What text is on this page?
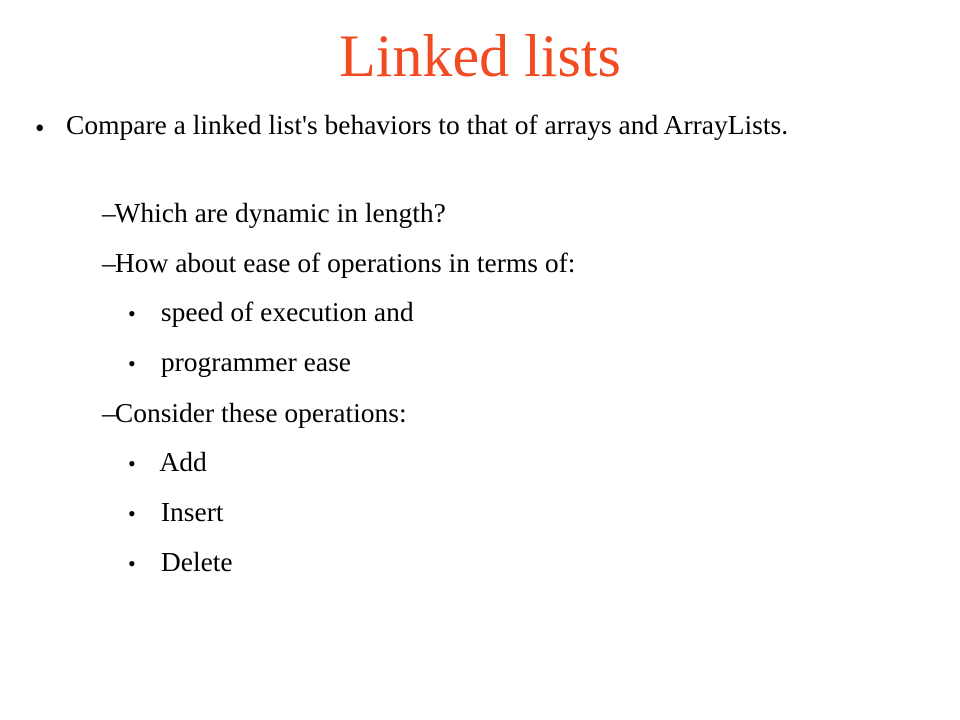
Linked lists
• Compare a linked list's behaviors to that of arrays and ArrayLists.
– Which are dynamic in length?
– How about ease of operations in terms of:
• speed of execution and
• programmer ease
– Consider these operations:
• Add
• Insert
• Delete
